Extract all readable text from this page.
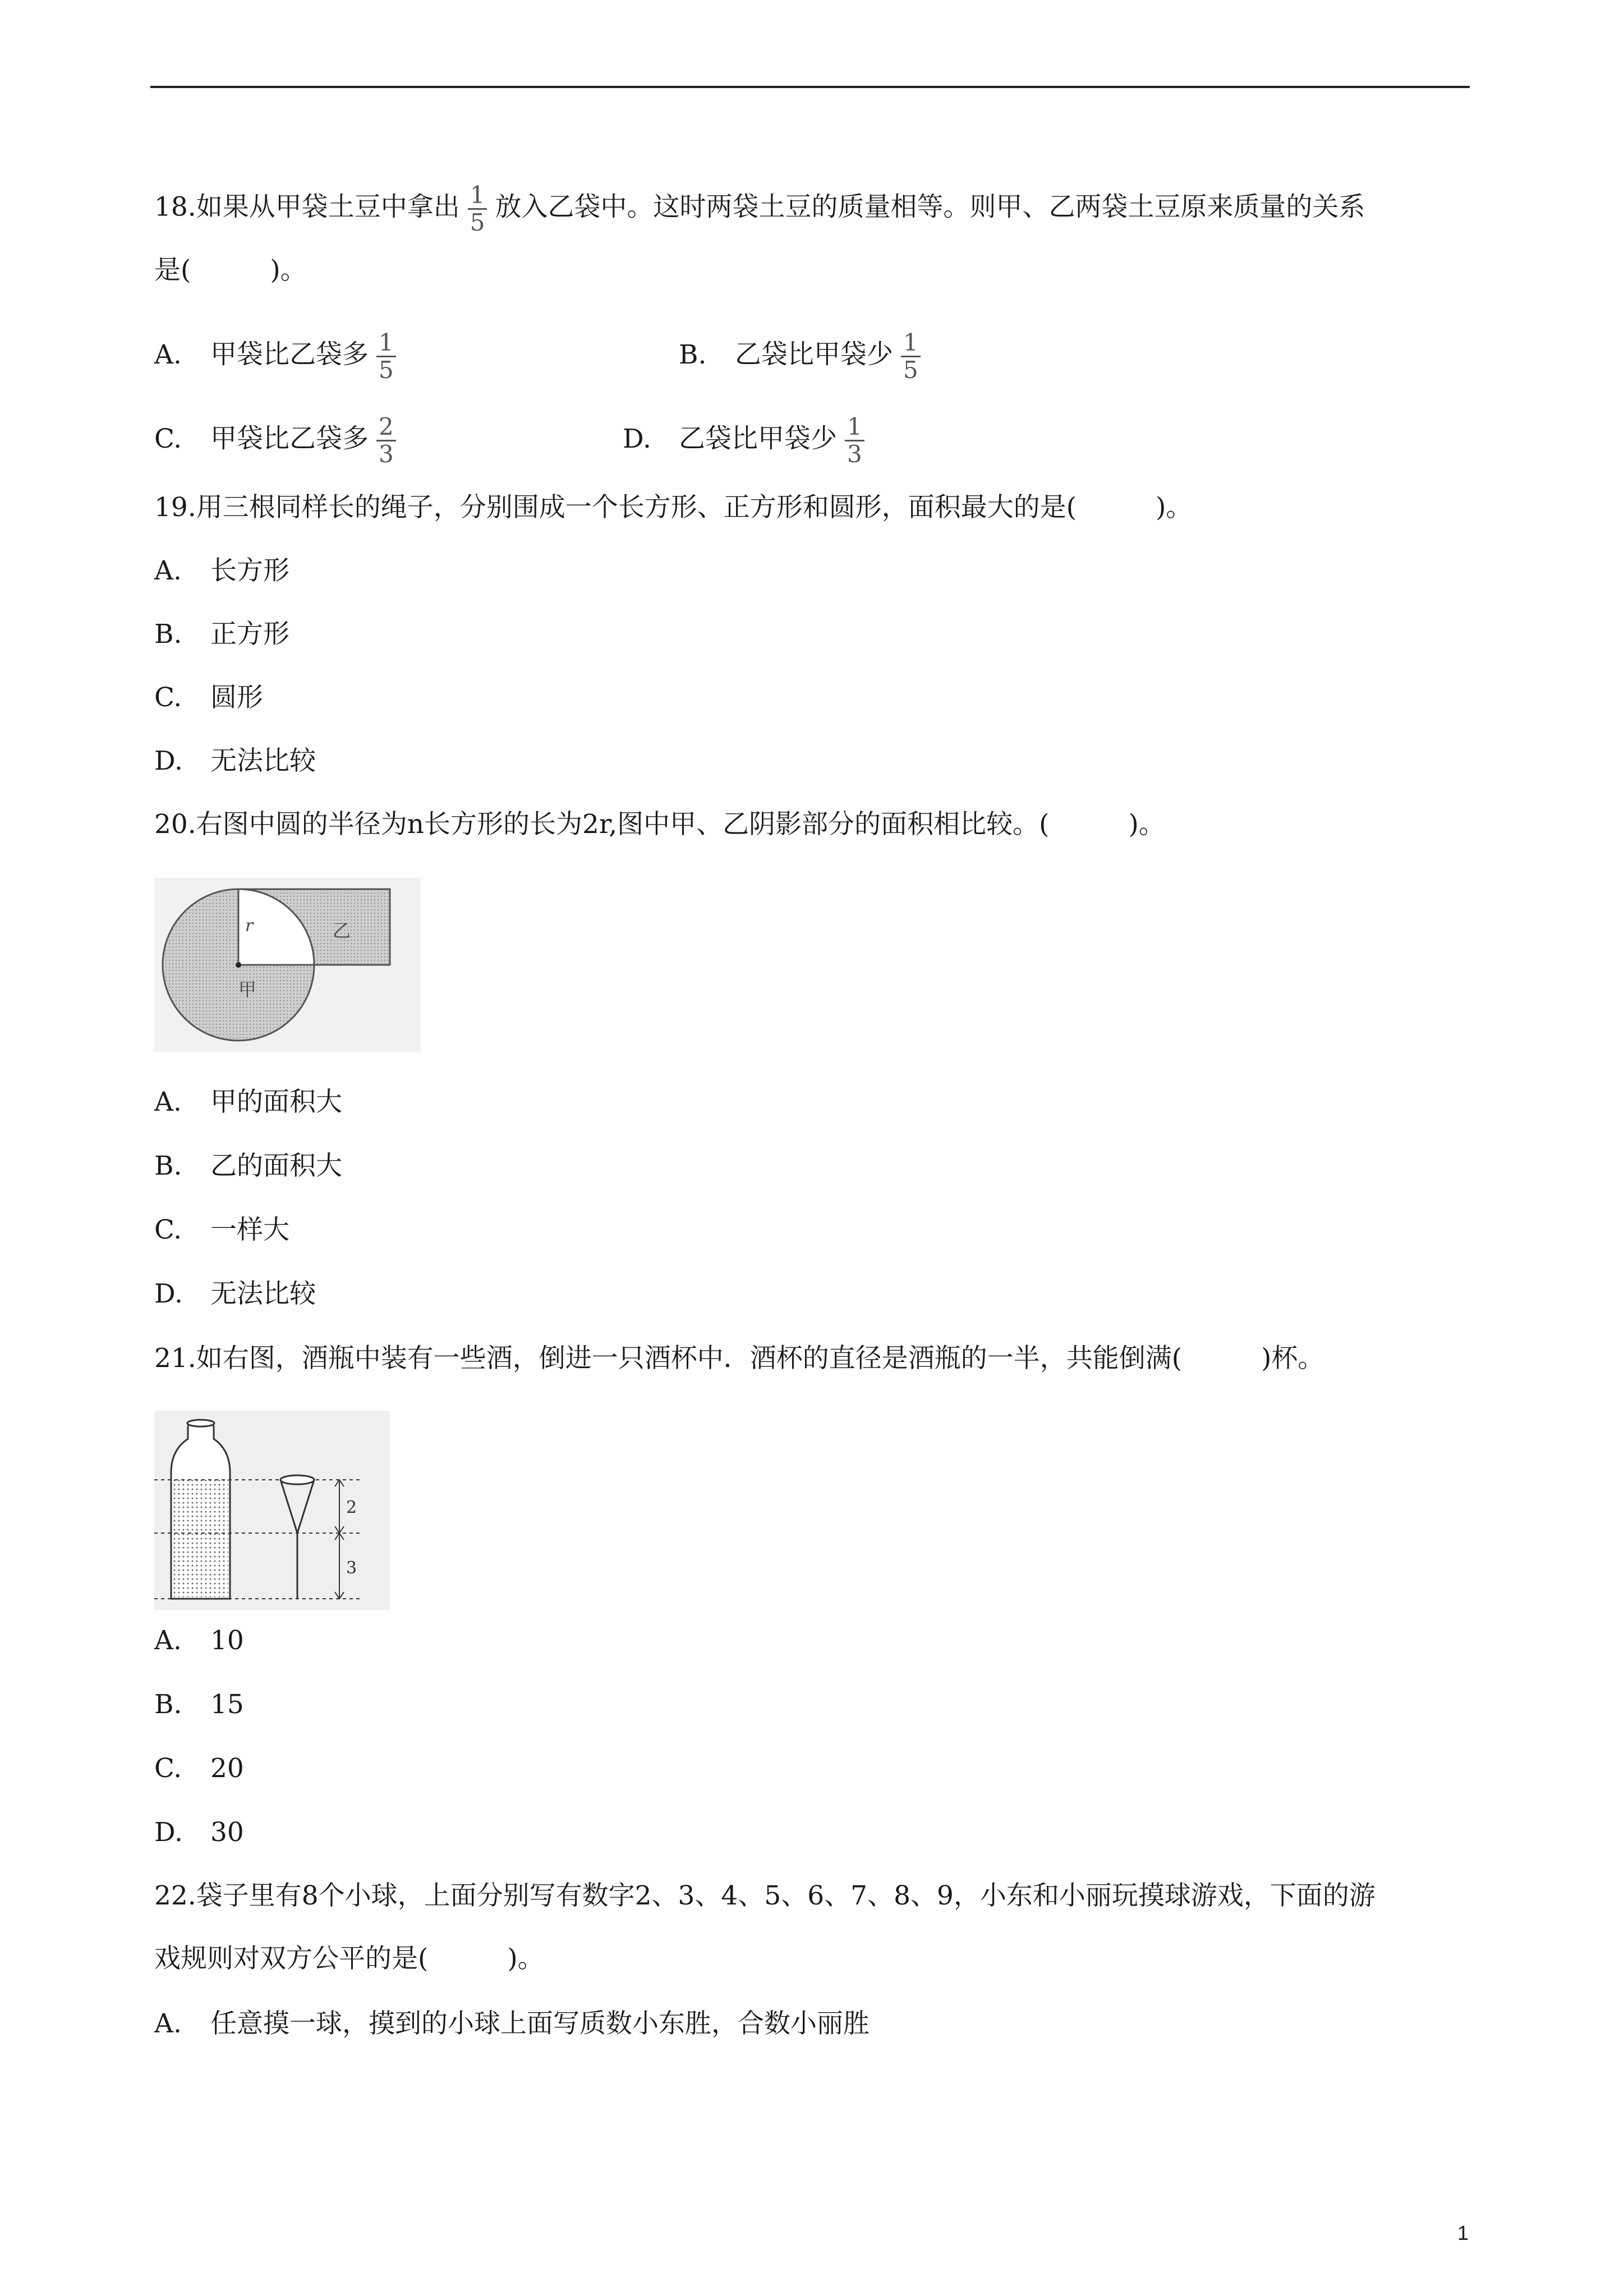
18.如果从甲袋土豆中拿出 $\frac{1}{5}$ 放入乙袋中。这时两袋土豆的质量相等。则甲、乙两袋土豆原来质量的关系
是(　　　)。
A. 甲袋比乙袋多 $\frac{1}{5}$	B. 乙袋比甲袋少 $\frac{1}{5}$
C. 甲袋比乙袋多 $\frac{2}{3}$	D. 乙袋比甲袋少 $\frac{1}{3}$
19.用三根同样长的绳子，分别围成一个长方形、正方形和圆形，面积最大的是(　　　)。
A. 长方形
B. 正方形
C. 圆形
D. 无法比较
20.右图中圆的半径为n长方形的长为2r,图中甲、乙阴影部分的面积相比较。(　　　)。
r
甲
乙
A. 甲的面积大
B. 乙的面积大
C. 一样大
D. 无法比较
21.如右图，酒瓶中装有一些酒，倒进一只酒杯中．酒杯的直径是酒瓶的一半，共能倒满(　　　)杯。
2
3
A. 10
B. 15
C. 20
D. 30
22.袋子里有8个小球，上面分别写有数字2、3、4、5、6、7、8、9，小东和小丽玩摸球游戏，下面的游
戏规则对双方公平的是(　　　)。
A. 任意摸一球，摸到的小球上面写质数小东胜，合数小丽胜
1
